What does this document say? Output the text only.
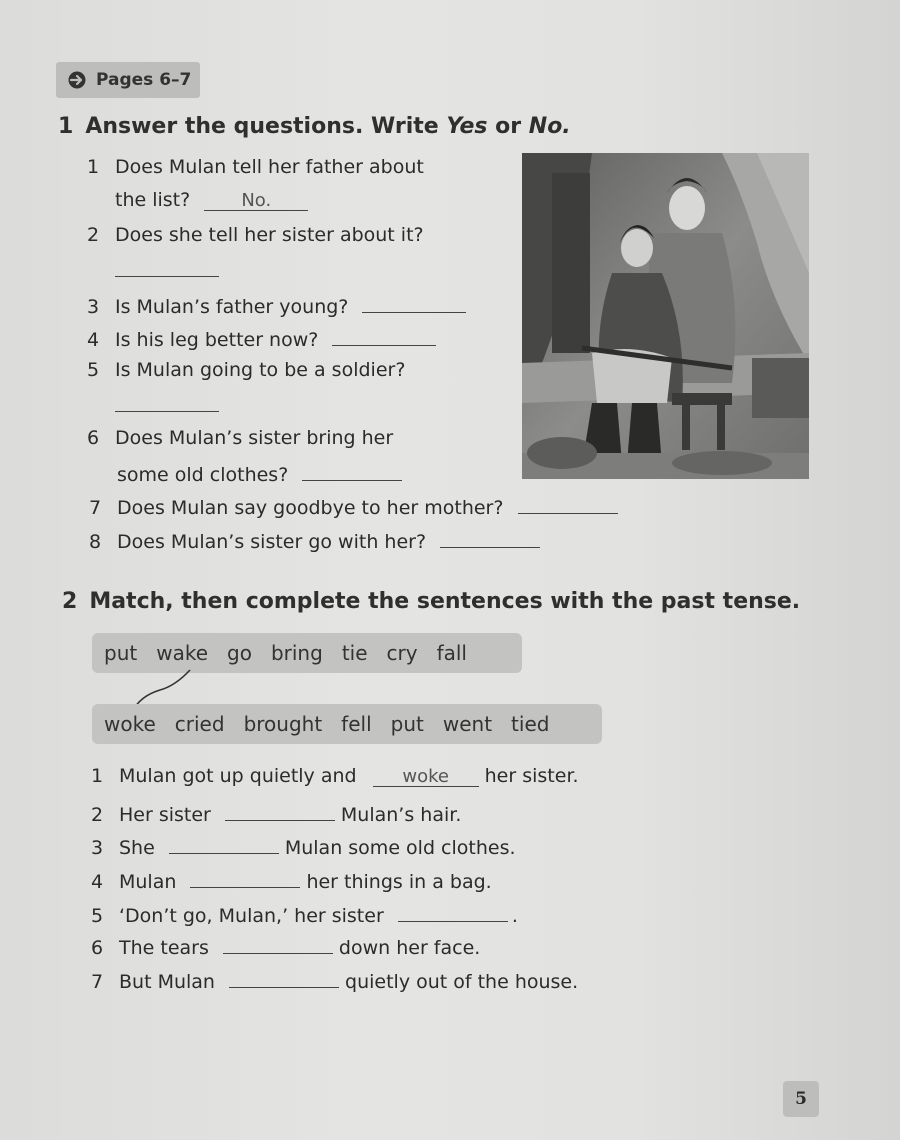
Pages 6–7
1 Answer the questions. Write Yes or No.
1 Does Mulan tell her father about
the list?	No.
2 Does she tell her sister about it?
3 Is Mulan’s father young?
4 Is his leg better now?
5 Is Mulan going to be a soldier?
6 Does Mulan’s sister bring her
some old clothes?
7 Does Mulan say goodbye to her mother?
8 Does Mulan’s sister go with her?
2 Match, then complete the sentences with the past tense.
put wake go bring tie cry fall
woke cried brought fell put went tied
1 Mulan got up quietly and	woke her sister.
2 Her sister	Mulan’s hair.
3 She	Mulan some old clothes.
4 Mulan	her things in a bag.
5 ‘Don’t go, Mulan,’ her sister	.
6 The tears	down her face.
7 But Mulan	quietly out of the house.
5
